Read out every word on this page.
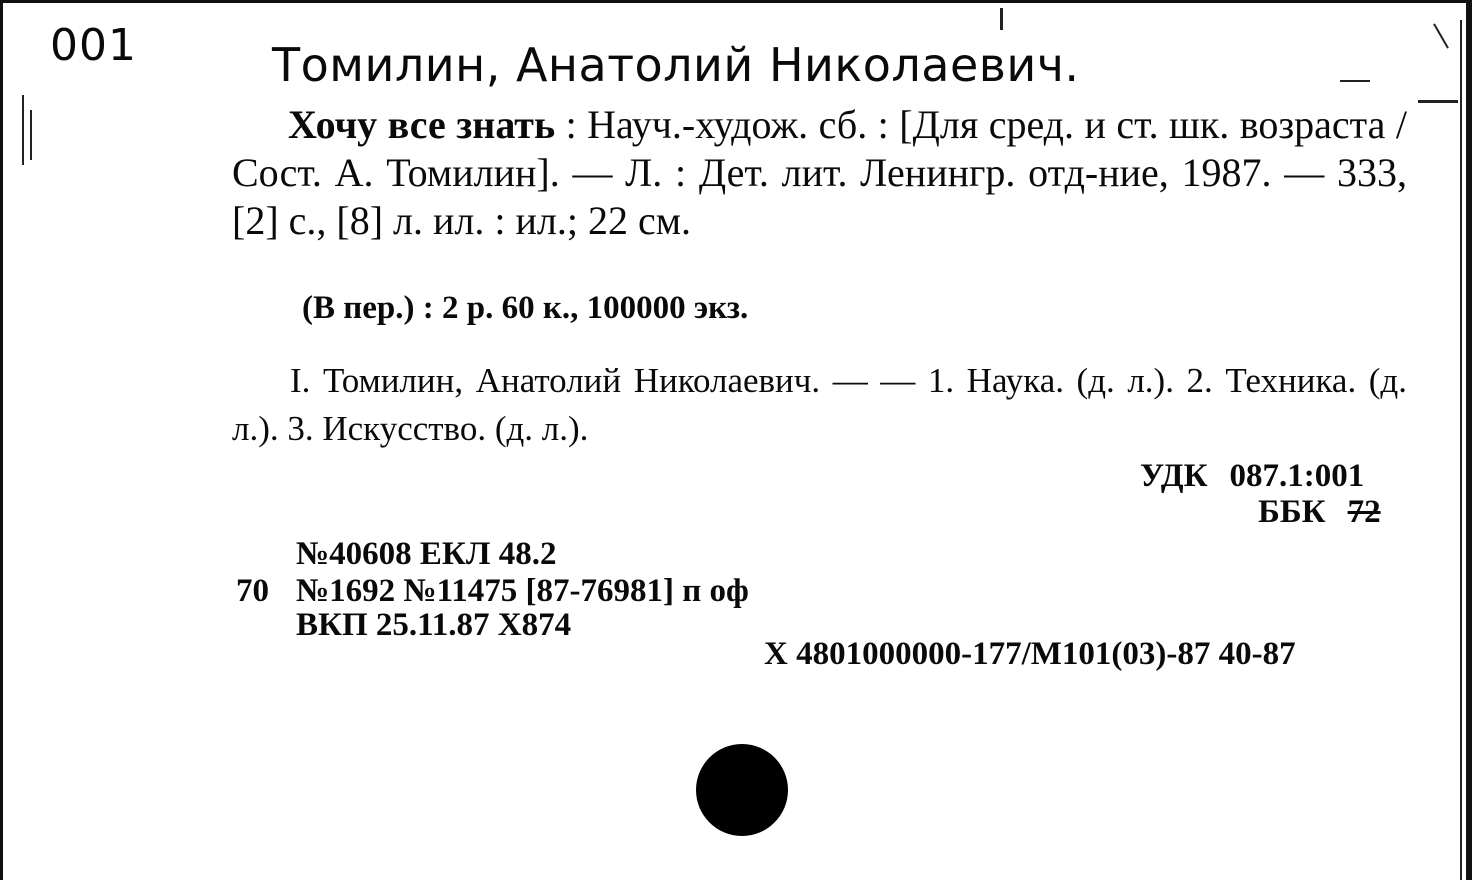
001	Томилин, Анатолий Николаевич.
Хочу все знать : Науч.-худож. сб. : [Для сред. и ст. шк. возраста / Сост. А. Томилин]. — Л. : Дет. лит. Ленингр. отд-ние, 1987. — 333,[2] с., [8] л. ил. : ил.; 22 см.
(В пер.) : 2 р. 60 к., 100000 экз.
I. Томилин, Анатолий Николаевич. — — 1. Наука. (д. л.). 2. Техника. (д. л.). 3. Искусство. (д. л.).
УДК 087.1:001
ББК 72
№40608 ЕКЛ 48.2
70 №1692 №11475 [87-76981] п оф
ВКП 25.11.87 Х874
Х 4801000000-177/М101(03)-87 40-87
